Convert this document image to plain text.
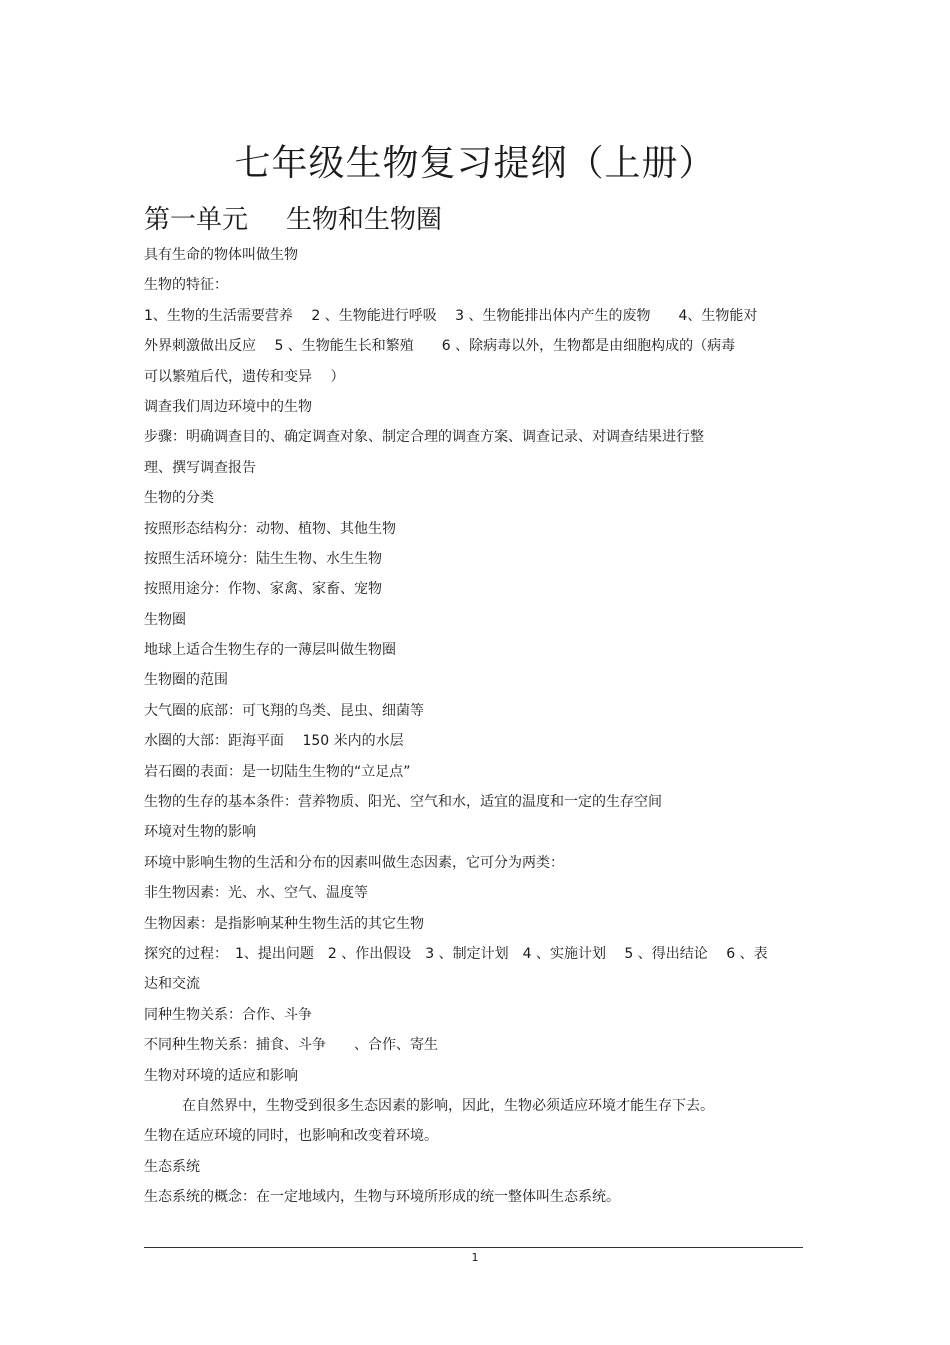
七年级生物复习提纲（上册）
第一单元 生物和生物圈
具有生命的物体叫做生物
生物的特征：
1、生物的生活需要营养　 2 、生物能进行呼吸　 3 、生物能排出体内产生的废物　　4、生物能对
外界刺激做出反应　 5 、生物能生长和繁殖　　6 、除病毒以外，生物都是由细胞构成的（病毒
可以繁殖后代，遗传和变异　 ）
调查我们周边环境中的生物
步骤：明确调查目的、确定调查对象、制定合理的调查方案、调查记录、对调查结果进行整
理、撰写调查报告
生物的分类
按照形态结构分：动物、植物、其他生物
按照生活环境分：陆生生物、水生生物
按照用途分：作物、家禽、家畜、宠物
生物圈
地球上适合生物生存的一薄层叫做生物圈
生物圈的范围
大气圈的底部：可飞翔的鸟类、昆虫、细菌等
水圈的大部：距海平面　 150 米内的水层
岩石圈的表面：是一切陆生生物的“立足点”
生物的生存的基本条件：营养物质、阳光、空气和水，适宜的温度和一定的生存空间
环境对生物的影响
环境中影响生物的生活和分布的因素叫做生态因素，它可分为两类：
非生物因素：光、水、空气、温度等
生物因素：是指影响某种生物生活的其它生物
探究的过程：　1、提出问题　2 、作出假设　3 、制定计划　4 、实施计划　 5 、得出结论　 6 、表
达和交流
同种生物关系：合作、斗争
不同种生物关系：捕食、斗争　　、合作、寄生
生物对环境的适应和影响
在自然界中，生物受到很多生态因素的影响，因此，生物必须适应环境才能生存下去。
生物在适应环境的同时，也影响和改变着环境。
生态系统
生态系统的概念：在一定地域内，生物与环境所形成的统一整体叫生态系统。
1
